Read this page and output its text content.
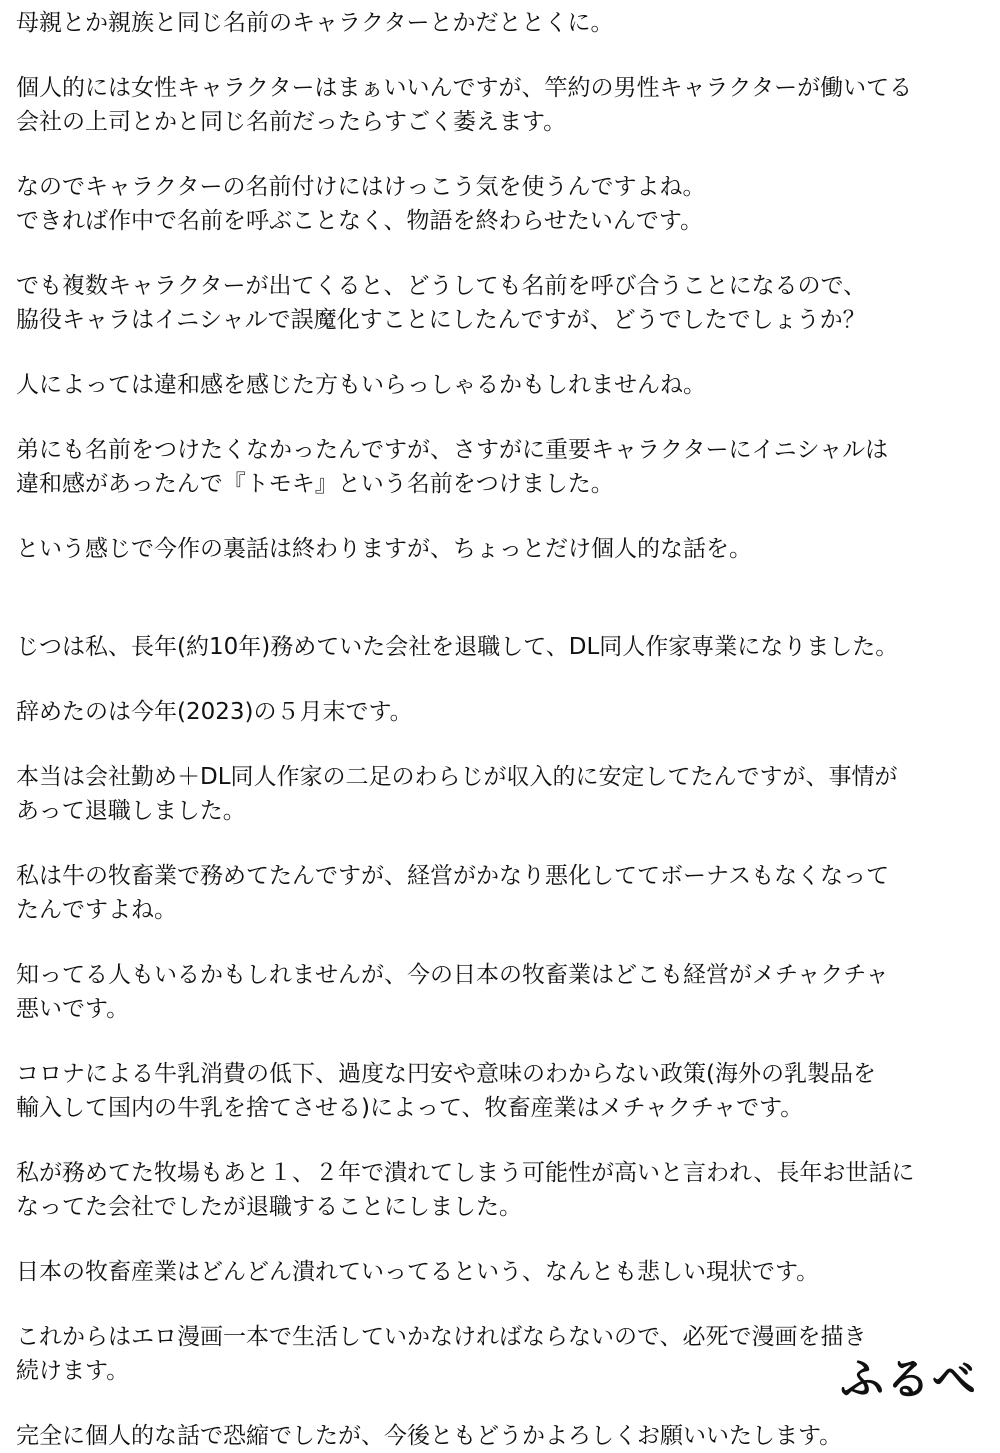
母親とか親族と同じ名前のキャラクターとかだととくに。
個人的には女性キャラクターはまぁいいんですが、竿約の男性キャラクターが働いてる
会社の上司とかと同じ名前だったらすごく萎えます。
なのでキャラクターの名前付けにはけっこう気を使うんですよね。
できれば作中で名前を呼ぶことなく、物語を終わらせたいんです。
でも複数キャラクターが出てくると、どうしても名前を呼び合うことになるので、
脇役キャラはイニシャルで誤魔化すことにしたんですが、どうでしたでしょうか？
人によっては違和感を感じた方もいらっしゃるかもしれませんね。
弟にも名前をつけたくなかったんですが、さすがに重要キャラクターにイニシャルは
違和感があったんで『トモキ』という名前をつけました。
という感じで今作の裏話は終わりますが、ちょっとだけ個人的な話を。
じつは私、長年(約10年)務めていた会社を退職して、DL同人作家専業になりました。
辞めたのは今年(2023)の５月末です。
本当は会社勤め＋DL同人作家の二足のわらじが収入的に安定してたんですが、事情が
あって退職しました。
私は牛の牧畜業で務めてたんですが、経営がかなり悪化しててボーナスもなくなって
たんですよね。
知ってる人もいるかもしれませんが、今の日本の牧畜業はどこも経営がメチャクチャ
悪いです。
コロナによる牛乳消費の低下、過度な円安や意味のわからない政策(海外の乳製品を
輸入して国内の牛乳を捨てさせる)によって、牧畜産業はメチャクチャです。
私が務めてた牧場もあと１、２年で潰れてしまう可能性が高いと言われ、長年お世話に
なってた会社でしたが退職することにしました。
日本の牧畜産業はどんどん潰れていってるという、なんとも悲しい現状です。
これからはエロ漫画一本で生活していかなければならないので、必死で漫画を描き
続けます。
完全に個人的な話で恐縮でしたが、今後ともどうかよろしくお願いいたします。
ふるべ
